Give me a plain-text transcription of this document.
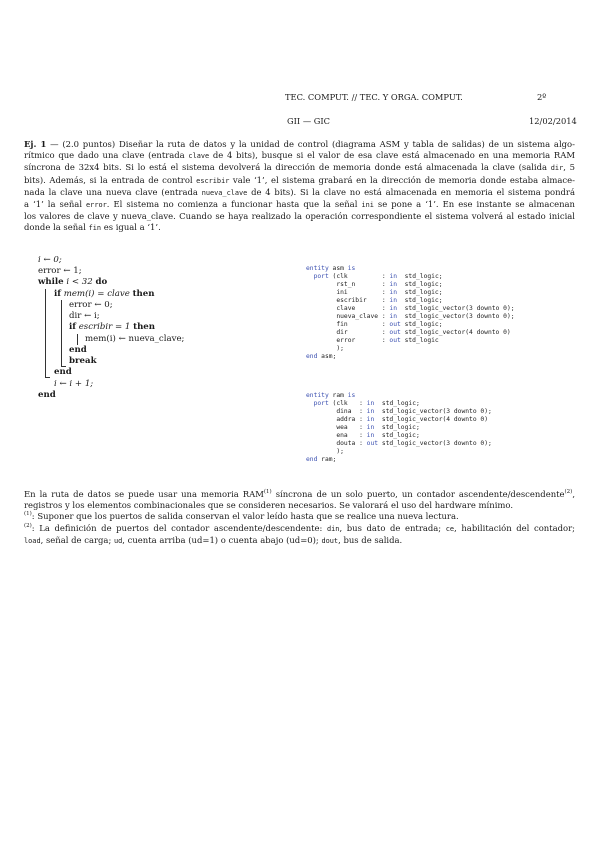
TEC. COMPUT. // TEC. Y ORGA. COMPUT.	2º
GII — GIC	12/02/2014
Ej. 1 — (2.0 puntos) Diseñar la ruta de datos y la unidad de control (diagrama ASM y tabla de salidas) de un sistema algo-
rítmico que dado una clave (entrada clave de 4 bits), busque si el valor de esa clave está almacenado en una memoria RAM
síncrona de 32x4 bits. Si lo está el sistema devolverá la dirección de memoria donde está almacenada la clave (salida dir, 5
bits). Además, si la entrada de control escribir vale ‘1’, el sistema grabará en la dirección de memoria donde estaba almace-
nada la clave una nueva clave (entrada nueva_clave de 4 bits). Si la clave no está almacenada en memoria el sistema pondrá
a ‘1’ la señal error. El sistema no comienza a funcionar hasta que la señal ini se pone a ‘1’. En ese instante se almacenan
los valores de clave y nueva_clave. Cuando se haya realizado la operación correspondiente el sistema volverá al estado inicial
donde la señal fin es igual a ‘1’.
i ← 0;
error ← 1;
while i < 32 do
if mem(i) = clave then
error ← 0;
dir ← i;
if escribir = 1 then
mem(i) ← nueva_clave;
end
break
end
i ← i + 1;
end

entity asm is
port (clk         : in  std_logic;
rst_n       : in  std_logic;
ini         : in  std_logic;
escribir    : in  std_logic;
clave       : in  std_logic_vector(3 downto 0);
nueva_clave : in  std_logic_vector(3 downto 0);
fin         : out std_logic;
dir         : out std_logic_vector(4 downto 0)
error       : out std_logic
);
end asm;

entity ram is
port (clk   : in  std_logic;
dina  : in  std_logic_vector(3 downto 0);
addra : in  std_logic_vector(4 downto 0)
wea   : in  std_logic;
ena   : in  std_logic;
douta : out std_logic_vector(3 downto 0);
);
end ram;

En la ruta de datos se puede usar una memoria RAM$^{(1)}$ síncrona de un solo puerto, un contador ascendente/descendente$^{(2)}$,
registros y los elementos combinacionales que se consideren necesarios. Se valorará el uso del hardware mínimo.
$^{(1)}$: Suponer que los puertos de salida conservan el valor leído hasta que se realice una nueva lectura.
$^{(2)}$: La definición de puertos del contador ascendente/descendente: din, bus dato de entrada; ce, habilitación del contador;
load, señal de carga; ud, cuenta arriba (ud=1) o cuenta abajo (ud=0); dout, bus de salida.
